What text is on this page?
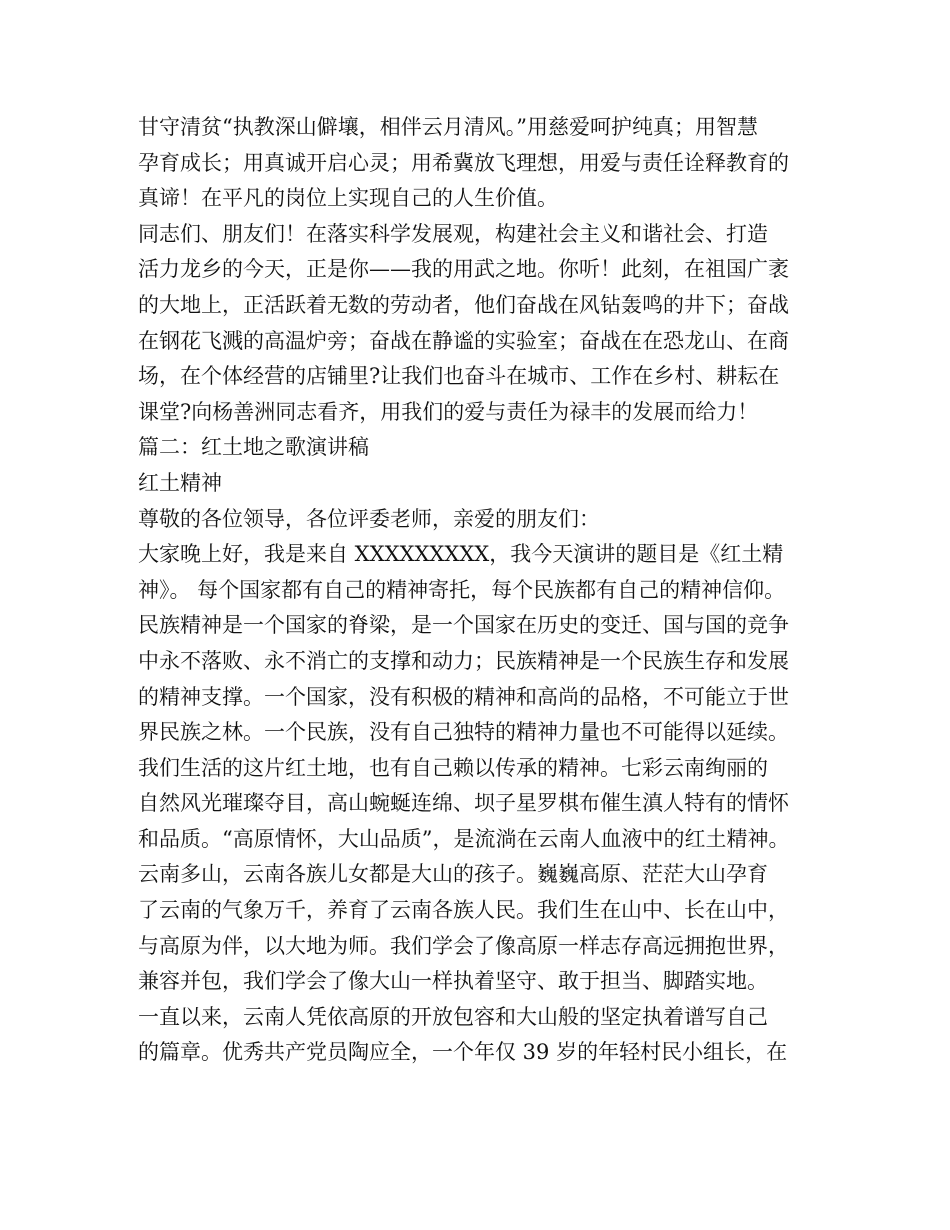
甘守清贫“执教深山僻壤，相伴云月清风。”用慈爱呵护纯真；用智慧
孕育成长；用真诚开启心灵；用希冀放飞理想，用爱与责任诠释教育的
真谛！在平凡的岗位上实现自己的人生价值。
同志们、朋友们！在落实科学发展观，构建社会主义和谐社会、打造
活力龙乡的今天，正是你——我的用武之地。你听！此刻，在祖国广袤
的大地上，正活跃着无数的劳动者，他们奋战在风钻轰鸣的井下；奋战
在钢花飞溅的高温炉旁；奋战在静谧的实验室；奋战在在恐龙山、在商
场，在个体经营的店铺里?让我们也奋斗在城市、工作在乡村、耕耘在
课堂?向杨善洲同志看齐，用我们的爱与责任为禄丰的发展而给力！
篇二：红土地之歌演讲稿
红土精神
尊敬的各位领导，各位评委老师，亲爱的朋友们：
大家晚上好，我是来自 XXXXXXXXX，我今天演讲的题目是《红土精
神》。 每个国家都有自己的精神寄托，每个民族都有自己的精神信仰。
民族精神是一个国家的脊梁，是一个国家在历史的变迁、国与国的竞争
中永不落败、永不消亡的支撑和动力；民族精神是一个民族生存和发展
的精神支撑。一个国家，没有积极的精神和高尚的品格，不可能立于世
界民族之林。一个民族，没有自己独特的精神力量也不可能得以延续。
我们生活的这片红土地，也有自己赖以传承的精神。七彩云南绚丽的
自然风光璀璨夺目，高山蜿蜒连绵、坝子星罗棋布催生滇人特有的情怀
和品质。“高原情怀，大山品质”，是流淌在云南人血液中的红土精神。
云南多山，云南各族儿女都是大山的孩子。巍巍高原、茫茫大山孕育
了云南的气象万千，养育了云南各族人民。我们生在山中、长在山中，
与高原为伴，以大地为师。我们学会了像高原一样志存高远拥抱世界，
兼容并包，我们学会了像大山一样执着坚守、敢于担当、脚踏实地。
一直以来，云南人凭依高原的开放包容和大山般的坚定执着谱写自己
的篇章。优秀共产党员陶应全，一个年仅 39 岁的年轻村民小组长，在
